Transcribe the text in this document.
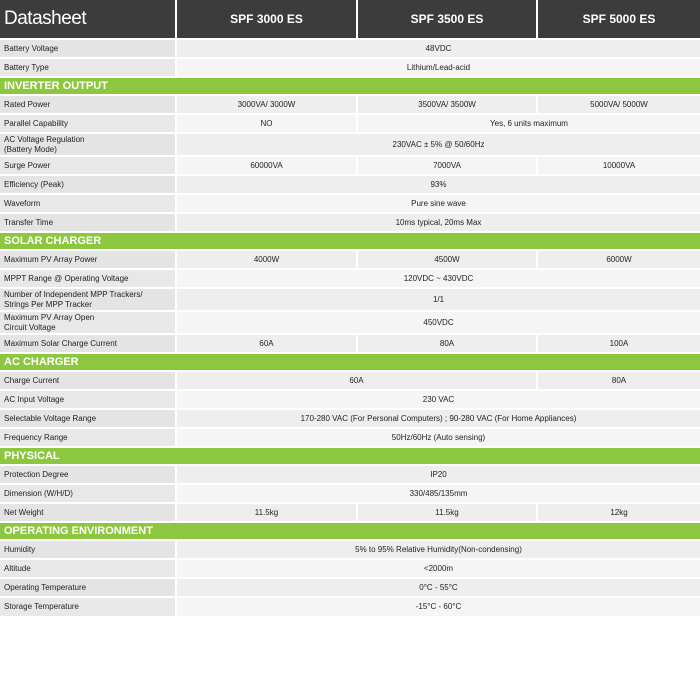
Datasheet	SPF 3000 ES	SPF 3500 ES	SPF 5000 ES
Battery Voltage	48VDC		
Battery Type	Lithium/Lead-acid		
INVERTER OUTPUT			
Rated Power	3000VA/ 3000W	3500VA/ 3500W	5000VA/ 5000W
Parallel Capability	NO	Yes, 6 units maximum	
AC Voltage Regulation
(Battery Mode)	230VAC ± 5% @ 50/60Hz		
Surge Power	60000VA	7000VA	10000VA
Efficiency (Peak)	93%		
Waveform	Pure sine wave		
Transfer Time	10ms typical, 20ms Max		
SOLAR CHARGER			
Maximum PV Array Power	4000W	4500W	6000W
MPPT Range @ Operating Voltage	120VDC ~ 430VDC		
Number of Independent MPP Trackers/
Strings Per MPP Tracker	1/1		
Maximum PV Array Open
Circuit Voltage	450VDC		
Maximum Solar Charge Current	60A	80A	100A
AC CHARGER			
Charge Current	60A		80A
AC Input Voltage	230 VAC		
Selectable Voltage Range	170-280 VAC (For Personal Computers) ; 90-280 VAC (For Home Appliances)		
Frequency Range	50Hz/60Hz (Auto sensing)		
PHYSICAL			
Protection Degree	IP20		
Dimension (W/H/D)	330/485/135mm		
Net Weight	11.5kg	11.5kg	12kg
OPERATING ENVIRONMENT			
Humidity	5% to 95% Relative Humidity(Non-condensing)		
Altitude	<2000m		
Operating Temperature	0°C - 55°C		
Storage Temperature	-15°C - 60°C		
